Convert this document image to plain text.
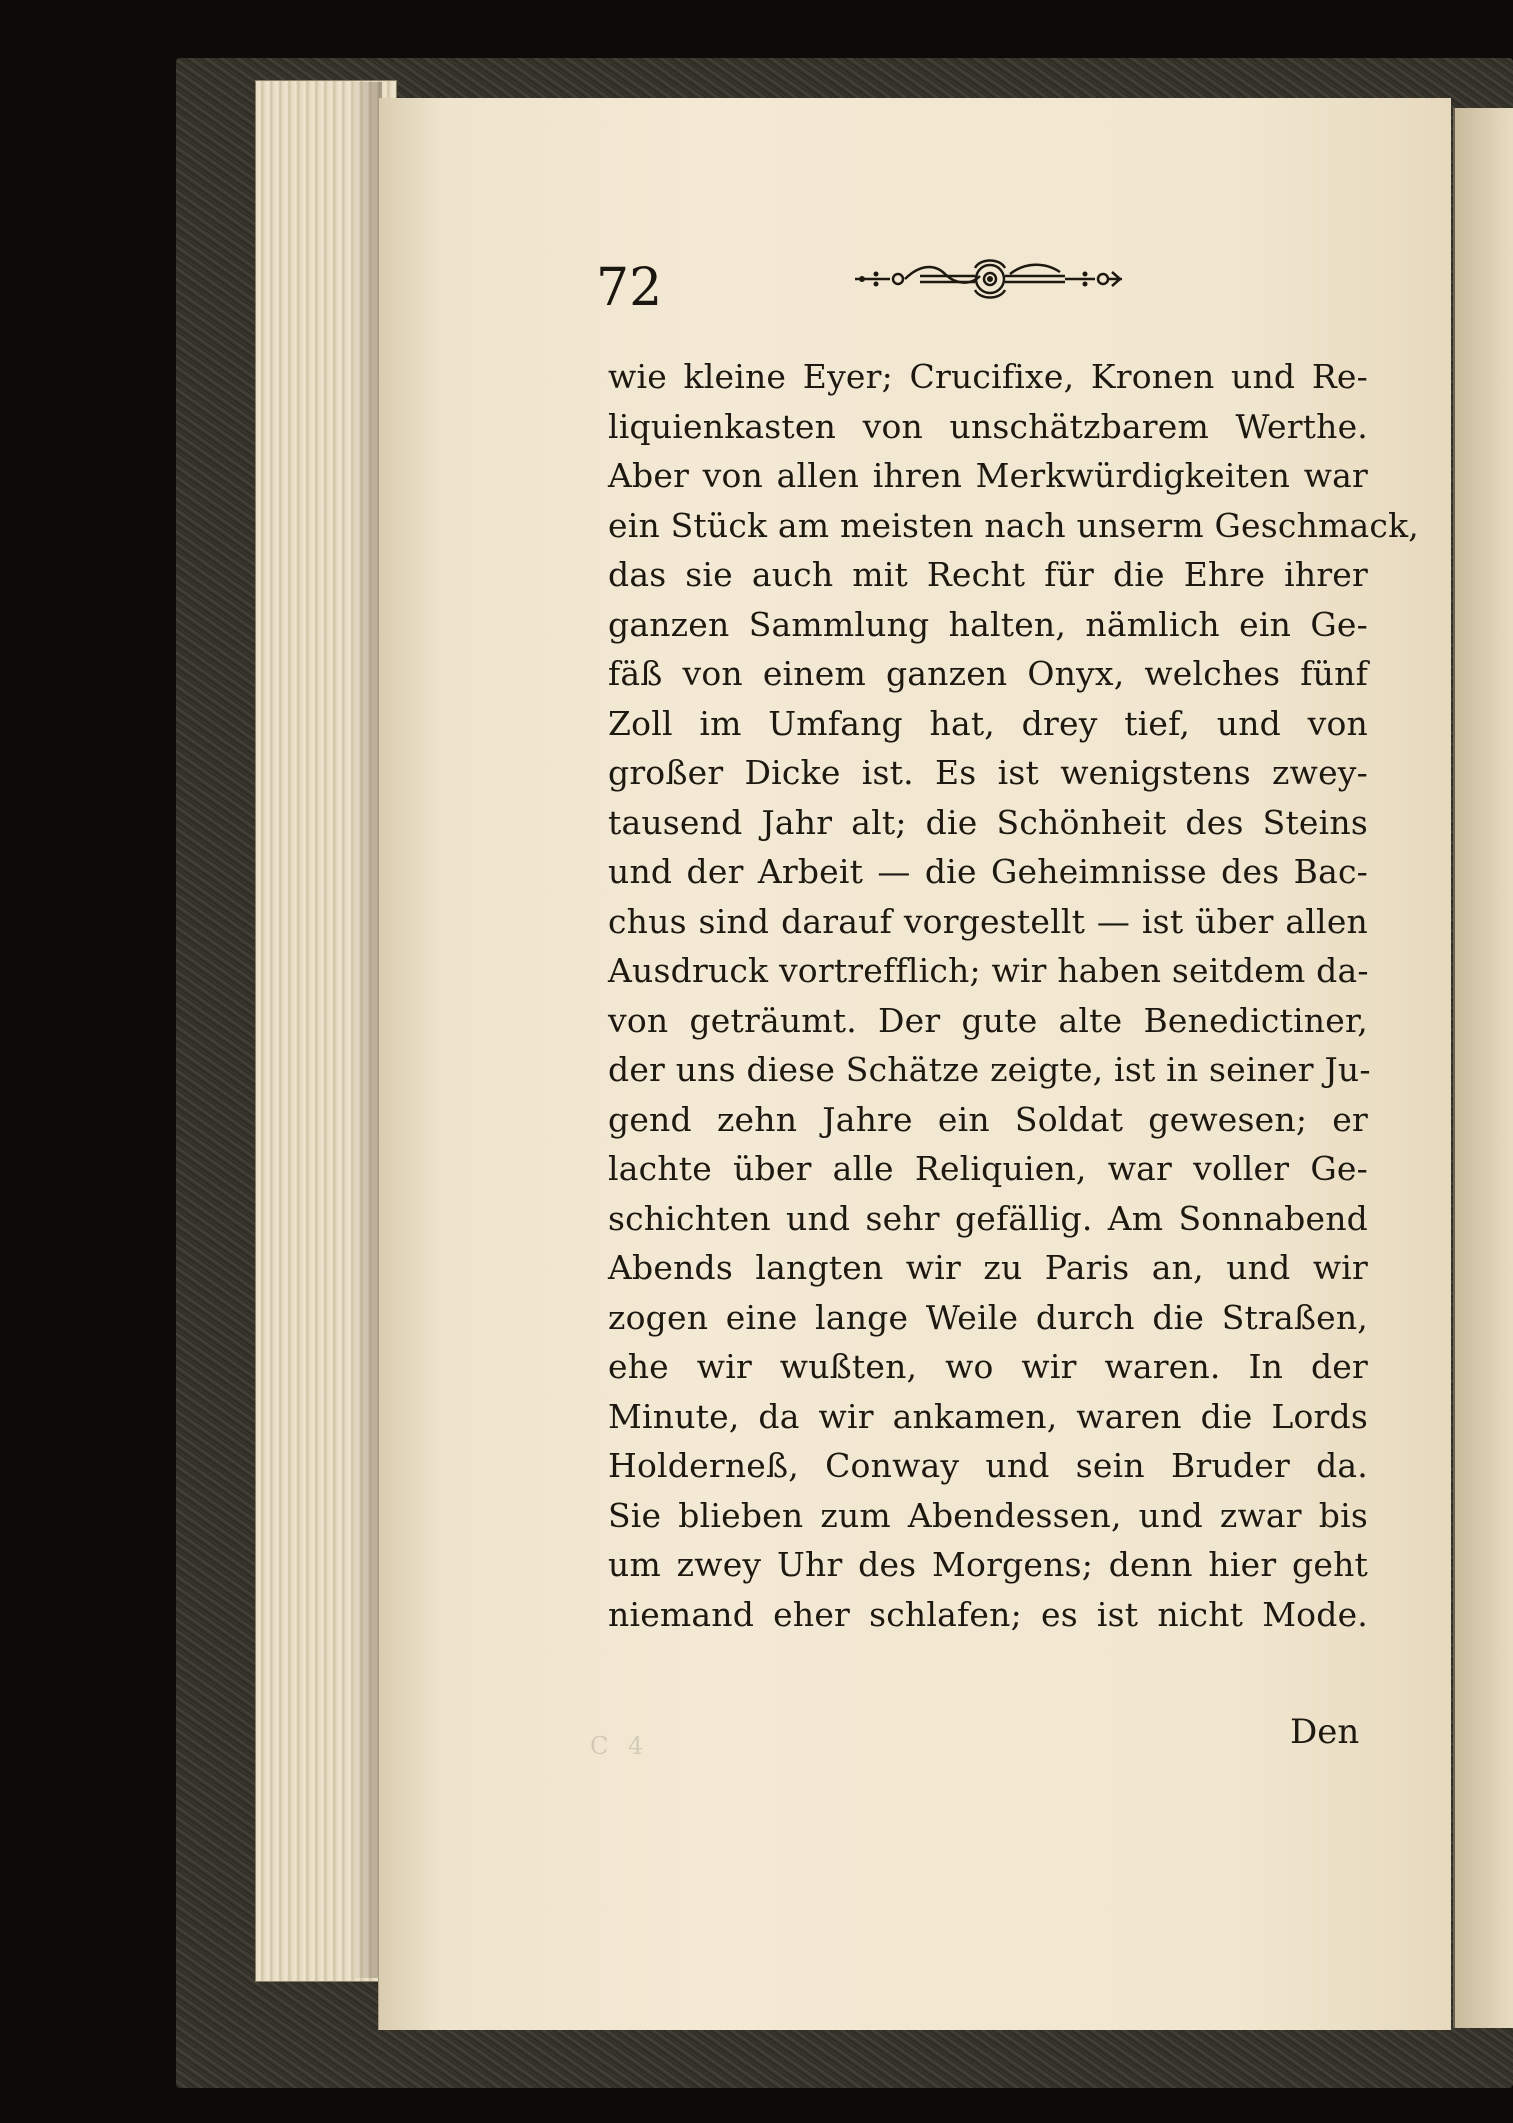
72
wie kleine Eyer; Crucifixe, Kronen und Re-
liquienkasten von unschätzbarem Werthe.
Aber von allen ihren Merkwürdigkeiten war
ein Stück am meisten nach unserm Geschmack,
das sie auch mit Recht für die Ehre ihrer
ganzen Sammlung halten, nämlich ein Ge-
fäß von einem ganzen Onyx, welches fünf
Zoll im Umfang hat, drey tief, und von
großer Dicke ist. Es ist wenigstens zwey-
tausend Jahr alt; die Schönheit des Steins
und der Arbeit — die Geheimnisse des Bac-
chus sind darauf vorgestellt — ist über allen
Ausdruck vortrefflich; wir haben seitdem da-
von geträumt. Der gute alte Benedictiner,
der uns diese Schätze zeigte, ist in seiner Ju-
gend zehn Jahre ein Soldat gewesen; er
lachte über alle Reliquien, war voller Ge-
schichten und sehr gefällig. Am Sonnabend
Abends langten wir zu Paris an, und wir
zogen eine lange Weile durch die Straßen,
ehe wir wußten, wo wir waren. In der
Minute, da wir ankamen, waren die Lords
Holderneß, Conway und sein Bruder da.
Sie blieben zum Abendessen, und zwar bis
um zwey Uhr des Morgens; denn hier geht
niemand eher schlafen; es ist nicht Mode.
C 4	Den
